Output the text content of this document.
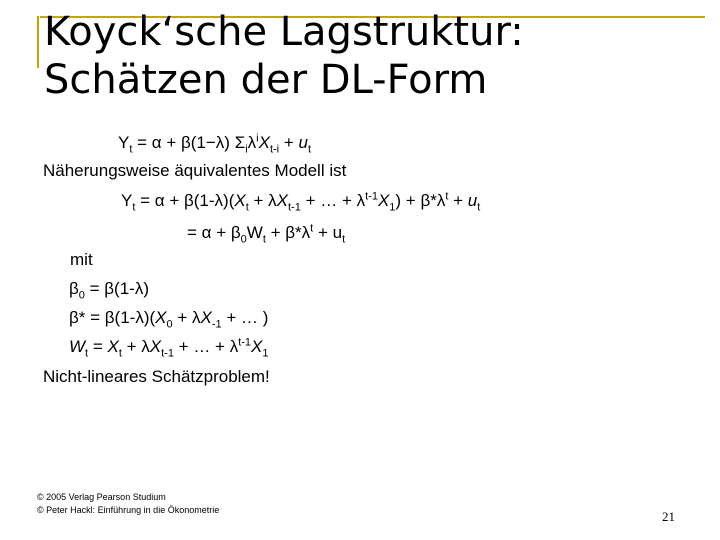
Koyck‘sche Lagstruktur:
Schätzen der DL-Form
$Y_t = \alpha + \beta(1-\lambda) \Sigma_i\lambda^iX_{t-i} + u_t$
Näherungsweise äquivalentes Modell ist
$Y_t = \alpha + \beta(1-\lambda)(X_t + \lambda X_{t-1}$ + … + $\lambda^{t-1}X_1) + \beta*\lambda^t + u_t$
= $\alpha + \beta_0W_t + \beta*\lambda^t + u_t$
mit
$\beta_0 = \beta(1-\lambda)$
$\beta* = \beta(1-\lambda)(X_0 + \lambda X_{-1}$ + … )
$W_t = X_t + \lambda X_{t-1}$ + … + $\lambda^{t-1}X_1$
Nicht-lineares Schätzproblem!
© 2005 Verlag Pearson Studium
© Peter Hackl: Einführung in die Ökonometrie	21
